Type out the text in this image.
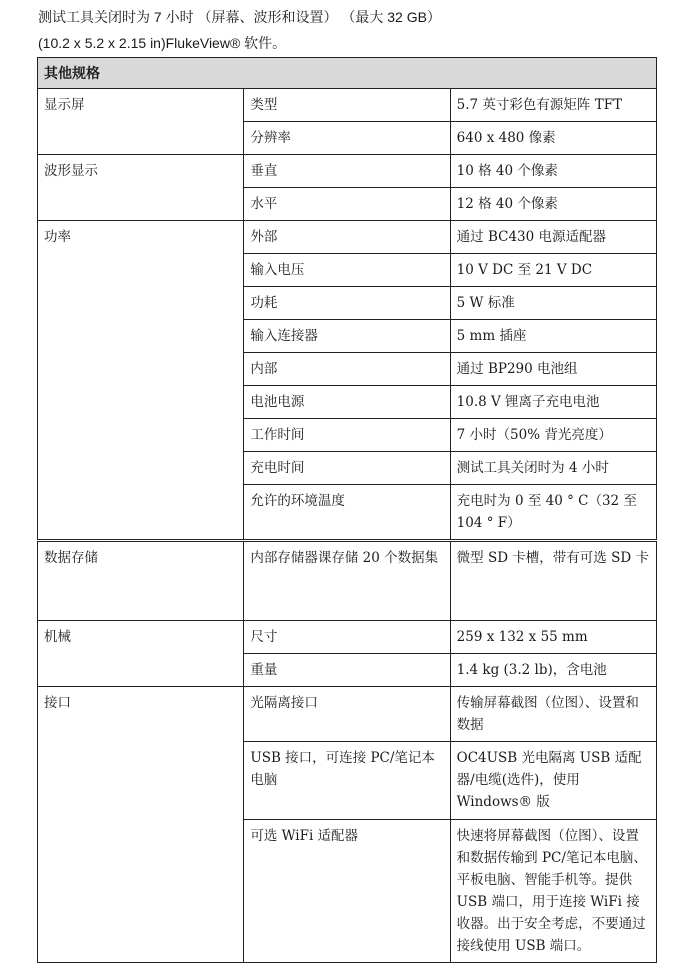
测试工具关闭时为 7 小时 （屏幕、波形和设置） （最大 32 GB）
(10.2 x 5.2 x 2.15 in)FlukeView® 软件。
其他规格		
显示屏	类型	5.7 英寸彩色有源矩阵 TFT
	分辨率	640 x 480 像素
波形显示	垂直	10 格 40 个像素
	水平	12 格 40 个像素
功率	外部	通过 BC430 电源适配器
	输入电压	10 V DC 至 21 V DC
	功耗	5 W 标准
	输入连接器	5 mm 插座
	内部	通过 BP290 电池组
	电池电源	10.8 V 锂离子充电电池
	工作时间	7 小时（50% 背光亮度）
	充电时间	测试工具关闭时为 4 小时
	允许的环境温度	充电时为 0 至 40 ° C（32 至 104 ° F）
数据存储	内部存储器课存储 20 个数据集	微型 SD 卡槽，带有可选 SD 卡
机械	尺寸	259 x 132 x 55 mm
	重量	1.4 kg (3.2 lb)，含电池
接口	光隔离接口	传输屏幕截图（位图）、设置和数据
	USB 接口，可连接 PC/笔记本电脑	OC4USB 光电隔离 USB 适配器/电缆(选件)，使用 Windows® 版
	可选 WiFi 适配器	快速将屏幕截图（位图）、设置和数据传输到 PC/笔记本电脑、平板电脑、智能手机等。提供 USB 端口，用于连接 WiFi 接收器。出于安全考虑，不要通过接线使用 USB 端口。
